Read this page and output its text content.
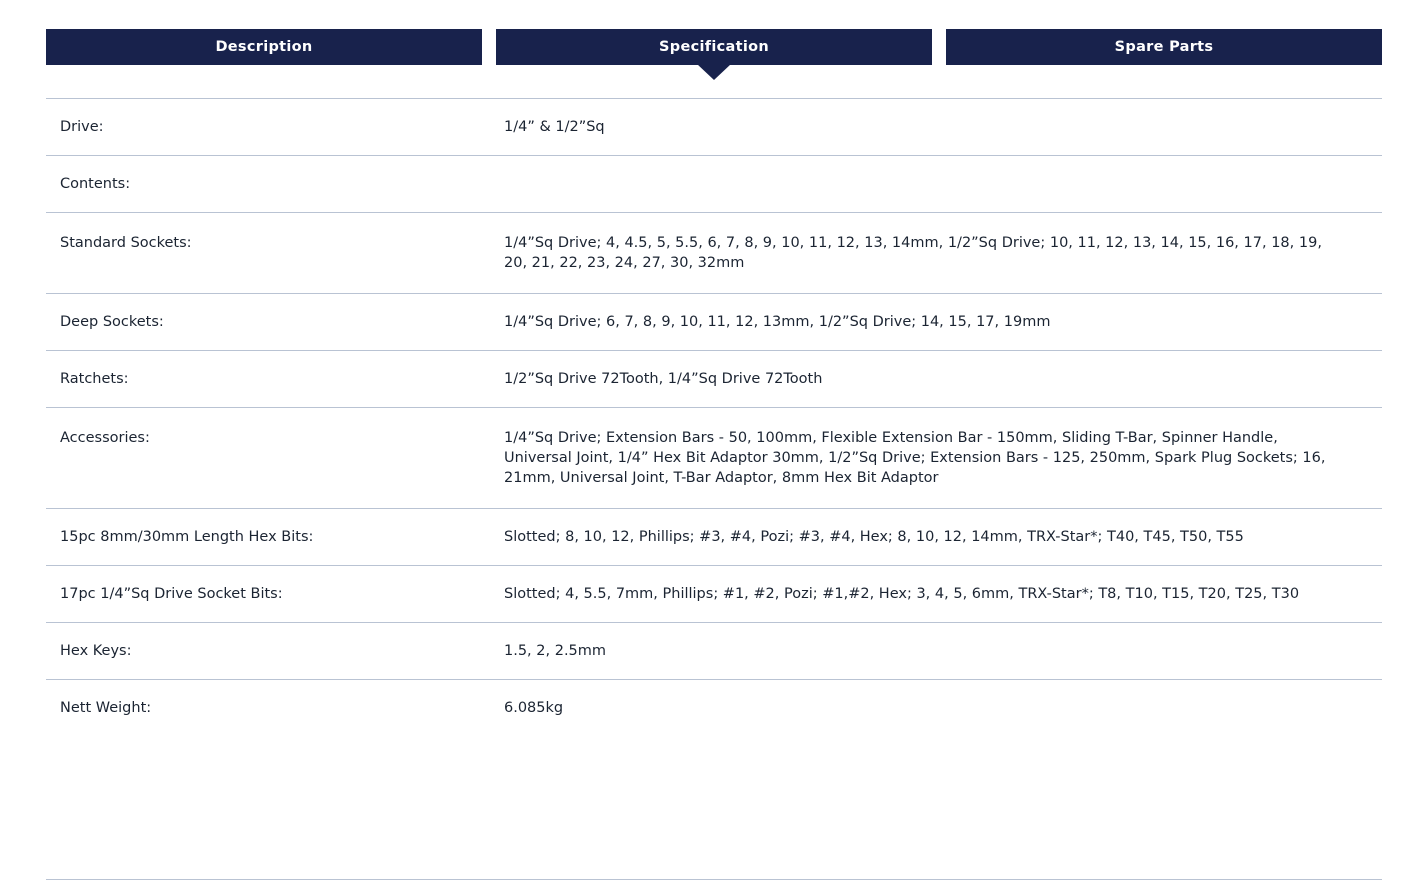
Description	Specification	Spare Parts
Drive:	1/4” & 1/2”Sq
Contents:	
Standard Sockets:	1/4”Sq Drive; 4, 4.5, 5, 5.5, 6, 7, 8, 9, 10, 11, 12, 13, 14mm, 1/2”Sq Drive; 10, 11, 12, 13, 14, 15, 16, 17, 18, 19, 20, 21, 22, 23, 24, 27, 30, 32mm
Deep Sockets:	1/4”Sq Drive; 6, 7, 8, 9, 10, 11, 12, 13mm, 1/2”Sq Drive; 14, 15, 17, 19mm
Ratchets:	1/2”Sq Drive 72Tooth, 1/4”Sq Drive 72Tooth
Accessories:	1/4”Sq Drive; Extension Bars - 50, 100mm, Flexible Extension Bar - 150mm, Sliding T-Bar, Spinner Handle, Universal Joint, 1/4” Hex Bit Adaptor 30mm, 1/2”Sq Drive; Extension Bars - 125, 250mm, Spark Plug Sockets; 16, 21mm, Universal Joint, T-Bar Adaptor, 8mm Hex Bit Adaptor
15pc 8mm/30mm Length Hex Bits:	Slotted; 8, 10, 12, Phillips; #3, #4, Pozi; #3, #4, Hex; 8, 10, 12, 14mm, TRX-Star*; T40, T45, T50, T55
17pc 1/4”Sq Drive Socket Bits:	Slotted; 4, 5.5, 7mm, Phillips; #1, #2, Pozi; #1,#2, Hex; 3, 4, 5, 6mm, TRX-Star*; T8, T10, T15, T20, T25, T30
Hex Keys:	1.5, 2, 2.5mm
Nett Weight:	6.085kg
